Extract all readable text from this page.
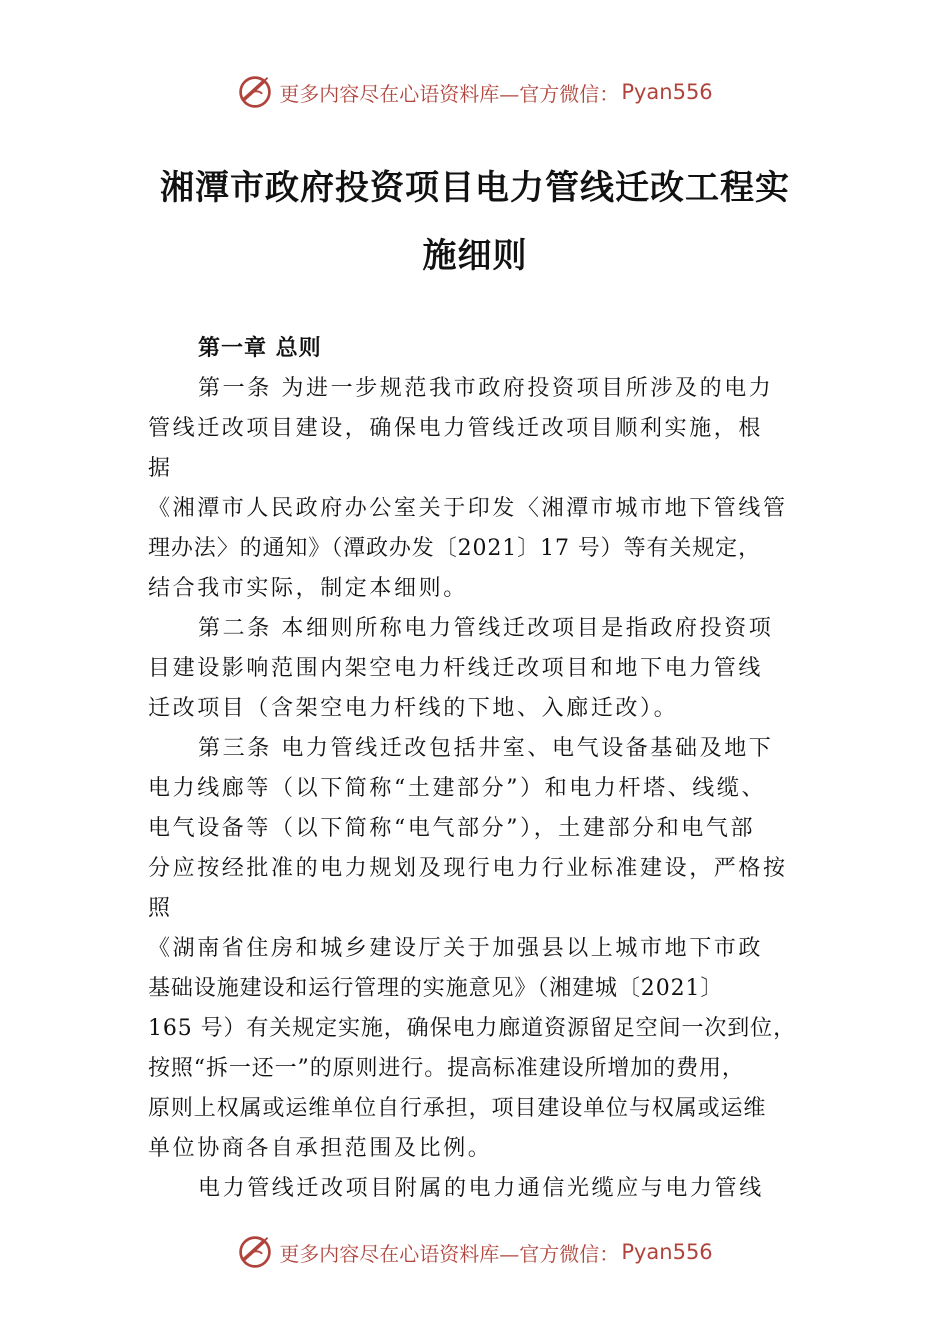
更多内容尽在心语资料库—官方微信： Pyan556
湘潭市政府投资项目电力管线迁改工程实
施细则
第一章 总则
第一条 为进一步规范我市政府投资项目所涉及的电力
管线迁改项目建设，确保电力管线迁改项目顺利实施，根
据
《湘潭市人民政府办公室关于印发〈湘潭市城市地下管线管
理办法〉的通知》（潭政办发〔2021〕17 号）等有关规定，
结合我市实际，制定本细则。
第二条 本细则所称电力管线迁改项目是指政府投资项
目建设影响范围内架空电力杆线迁改项目和地下电力管线
迁改项目（含架空电力杆线的下地、入廊迁改）。
第三条 电力管线迁改包括井室、电气设备基础及地下
电力线廊等（以下简称“土建部分”）和电力杆塔、线缆、
电气设备等（以下简称“电气部分”），土建部分和电气部
分应按经批准的电力规划及现行电力行业标准建设，严格按
照
《湖南省住房和城乡建设厅关于加强县以上城市地下市政
基础设施建设和运行管理的实施意见》（湘建城〔2021〕
165 号）有关规定实施，确保电力廊道资源留足空间一次到位，
按照“拆一还一”的原则进行。提高标准建设所增加的费用，
原则上权属或运维单位自行承担，项目建设单位与权属或运维
单位协商各自承担范围及比例。
电力管线迁改项目附属的电力通信光缆应与电力管线
更多内容尽在心语资料库—官方微信： Pyan556
